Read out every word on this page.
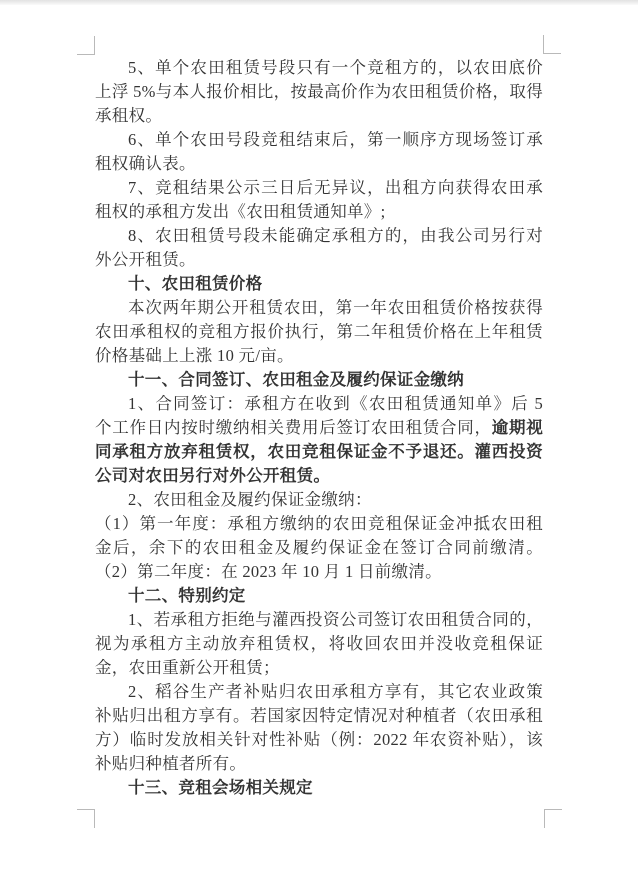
5、单个农田租赁号段只有一个竞租方的，以农田底价
上浮 5%与本人报价相比，按最高价作为农田租赁价格，取得
承租权。
6、单个农田号段竞租结束后，第一顺序方现场签订承
租权确认表。
7、竞租结果公示三日后无异议，出租方向获得农田承
租权的承租方发出《农田租赁通知单》;
8、农田租赁号段未能确定承租方的，由我公司另行对
外公开租赁。
十、农田租赁价格
本次两年期公开租赁农田，第一年农田租赁价格按获得
农田承租权的竞租方报价执行，第二年租赁价格在上年租赁
价格基础上上涨 10 元/亩。
十一、合同签订、农田租金及履约保证金缴纳
1、合同签订：承租方在收到《农田租赁通知单》后 5
个工作日内按时缴纳相关费用后签订农田租赁合同，逾期视
同承租方放弃租赁权，农田竞租保证金不予退还。灌西投资
公司对农田另行对外公开租赁。
2、农田租金及履约保证金缴纳：
（1）第一年度：承租方缴纳的农田竞租保证金冲抵农田租
金后，余下的农田租金及履约保证金在签订合同前缴清。
（2）第二年度：在 2023 年 10 月 1 日前缴清。
十二、特别约定
1、若承租方拒绝与灌西投资公司签订农田租赁合同的，
视为承租方主动放弃租赁权，将收回农田并没收竞租保证
金，农田重新公开租赁；
2、稻谷生产者补贴归农田承租方享有，其它农业政策
补贴归出租方享有。若国家因特定情况对种植者（农田承租
方）临时发放相关针对性补贴（例：2022 年农资补贴），该
补贴归种植者所有。
十三、竞租会场相关规定
